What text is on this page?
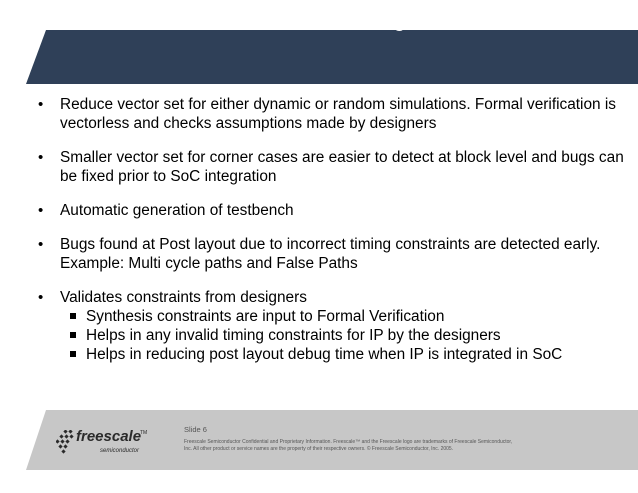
Advantages of Formal Verification
• Reduce vector set for either dynamic or random simulations. Formal verification is vectorless and checks assumptions made by designers
• Smaller vector set for corner cases are easier to detect at block level and bugs can be fixed prior to SoC integration
• Automatic generation of testbench
• Bugs found at Post layout due to incorrect timing constraints are detected early. Example: Multi cycle paths and False Paths
• Validates constraints from designers
Synthesis constraints are input to Formal Verification
Helps in any invalid timing constraints for IP by the designers
Helps in reducing post layout debug time when IP is integrated in SoC
freescale
TM
semiconductor
Slide 6
Freescale Semiconductor Confidential and Proprietary Information. Freescale™ and the Freescale logo are trademarks of Freescale Semiconductor, Inc. All other product or service names are the property of their respective owners. © Freescale Semiconductor, Inc. 2005.
